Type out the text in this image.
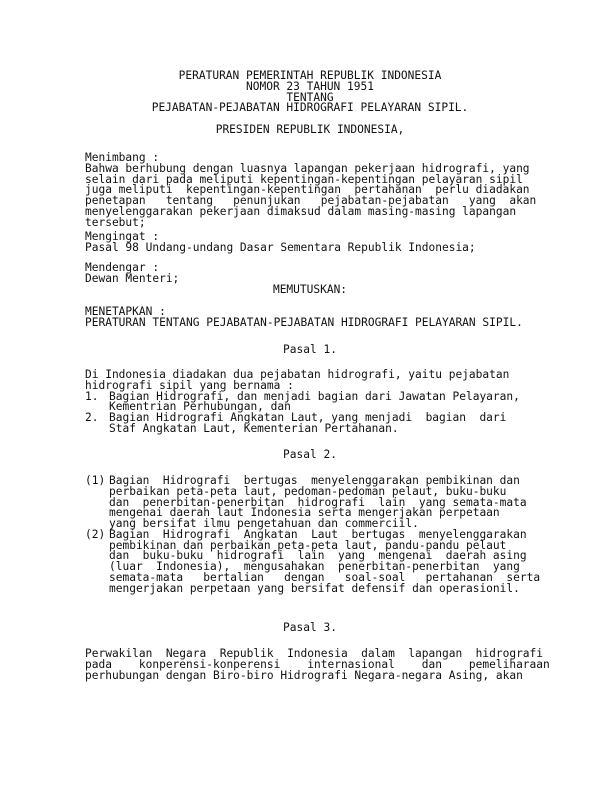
PERATURAN PEMERINTAH REPUBLIK INDONESIA
NOMOR 23 TAHUN 1951
TENTANG
PEJABATAN-PEJABATAN HIDROGRAFI PELAYARAN SIPIL.
PRESIDEN REPUBLIK INDONESIA,
Menimbang :
Bahwa berhubung dengan luasnya lapangan pekerjaan hidrografi, yang
selain dari pada meliputi kepentingan-kepentingan pelayaran sipil
juga meliputi  kepentingan-kepentingan  pertahanan  perlu diadakan
penetapan   tentang   penunjukan   pejabatan-pejabatan   yang  akan
menyelenggarakan pekerjaan dimaksud dalam masing-masing lapangan
tersebut;
Mengingat :
Pasal 98 Undang-undang Dasar Sementara Republik Indonesia;
Mendengar :
Dewan Menteri;
MEMUTUSKAN:
MENETAPKAN :
PERATURAN TENTANG PEJABATAN-PEJABATAN HIDROGRAFI PELAYARAN SIPIL.
Pasal 1.
Di Indonesia diadakan dua pejabatan hidrografi, yaitu pejabatan
hidrografi sipil yang bernama :
1. Bagian Hidrografi, dan menjadi bagian dari Jawatan Pelayaran,
Kementrian Perhubungan, dan
2. Bagian Hidrografi Angkatan Laut, yang menjadi  bagian  dari
Staf Angkatan Laut, Kementerian Pertahanan.
Pasal 2.
(1) Bagian  Hidrografi  bertugas  menyelenggarakan pembikinan dan
perbaikan peta-peta laut, pedoman-pedoman pelaut, buku-buku
dan  penerbitan-penerbitan  hidrografi  lain  yang semata-mata
mengenai daerah laut Indonesia serta mengerjakan perpetaan
yang bersifat ilmu pengetahuan dan commerciil.
(2) Bagian  Hidrografi  Angkatan  Laut  bertugas  menyelenggarakan
pembikinan dan perbaikan peta-peta laut, pandu-pandu pelaut
dan  buku-buku  hidrografi  lain  yang  mengenai  daerah asing
(luar  Indonesia),  mengusahakan  penerbitan-penerbitan  yang
semata-mata   bertalian   dengan   soal-soal   pertahanan  serta
mengerjakan perpetaan yang bersifat defensif dan operasionil.
Pasal 3.
Perwakilan  Negara  Republik  Indonesia  dalam  lapangan  hidrografi
pada    konperensi-konperensi    internasional    dan    pemeliharaan
perhubungan dengan Biro-biro Hidrografi Negara-negara Asing, akan
